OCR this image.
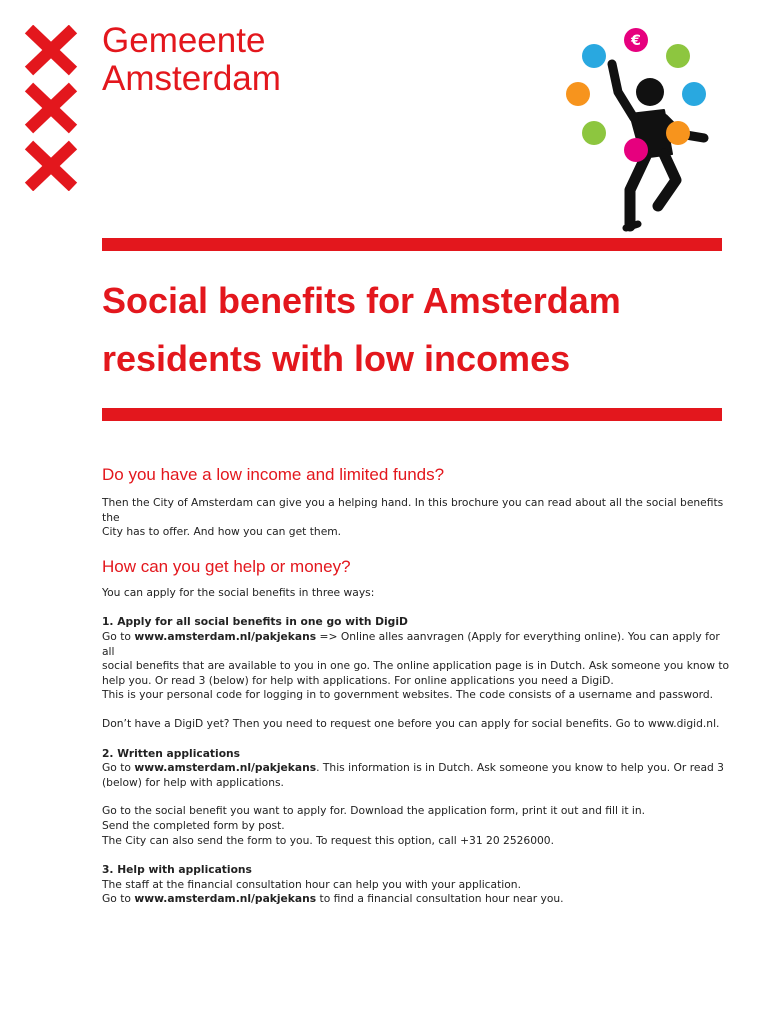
Gemeente
Amsterdam
€
Social benefits for Amsterdam
residents with low incomes
Do you have a low income and limited funds?

Then the City of Amsterdam can give you a helping hand. In this brochure you can read about all the social benefits the

City has to offer. And how you can get them.

How can you get help or money?

You can apply for the social benefits in three ways:

1. Apply for all social benefits in one go with DigiD

Go to www.amsterdam.nl/pakjekans => Online alles aanvragen (Apply for everything online). You can apply for all

social benefits that are available to you in one go. The online application page is in Dutch. Ask someone you know to

help you. Or read 3 (below) for help with applications. For online applications you need a DigiD.

This is your personal code for logging in to government websites. The code consists of a username and password.

Don’t have a DigiD yet? Then you need to request one before you can apply for social benefits. Go to www.digid.nl.

2. Written applications

Go to www.amsterdam.nl/pakjekans. This information is in Dutch. Ask someone you know to help you. Or read 3

(below) for help with applications.

Go to the social benefit you want to apply for. Download the application form, print it out and fill it in.

Send the completed form by post.

The City can also send the form to you. To request this option, call +31 20 2526000.

3. Help with applications

The staff at the financial consultation hour can help you with your application.

Go to www.amsterdam.nl/pakjekans to find a financial consultation hour near you.
